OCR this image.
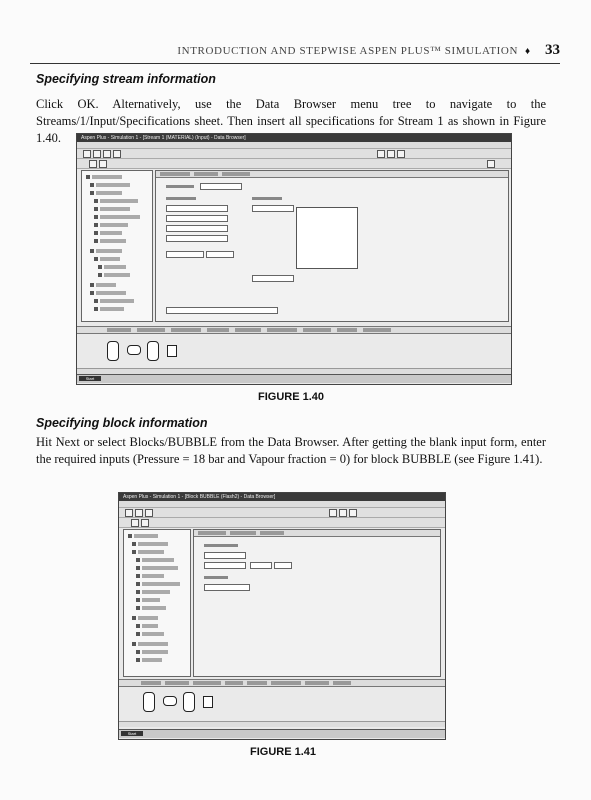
INTRODUCTION AND STEPWISE ASPEN PLUS™ SIMULATION 33
♦
Specifying stream information
Click OK. Alternatively, use the Data Browser menu tree to navigate to the Streams/1/Input/Specifications sheet. Then insert all specifications for Stream 1 as shown in Figure 1.40.	Aspen Plus - Simulation 1 - [Stream 1 (MATERIAL) (Input) - Data Browser]
Start
FIGURE 1.40
Specifying block information
Hit Next or select Blocks/BUBBLE from the Data Browser. After getting the blank input form, enter the required inputs (Pressure = 18 bar and Vapour fraction = 0) for block BUBBLE (see Figure 1.41).
Aspen Plus - Simulation 1 - [Block BUBBLE (Flash2) - Data Browser]
Start
FIGURE 1.41
